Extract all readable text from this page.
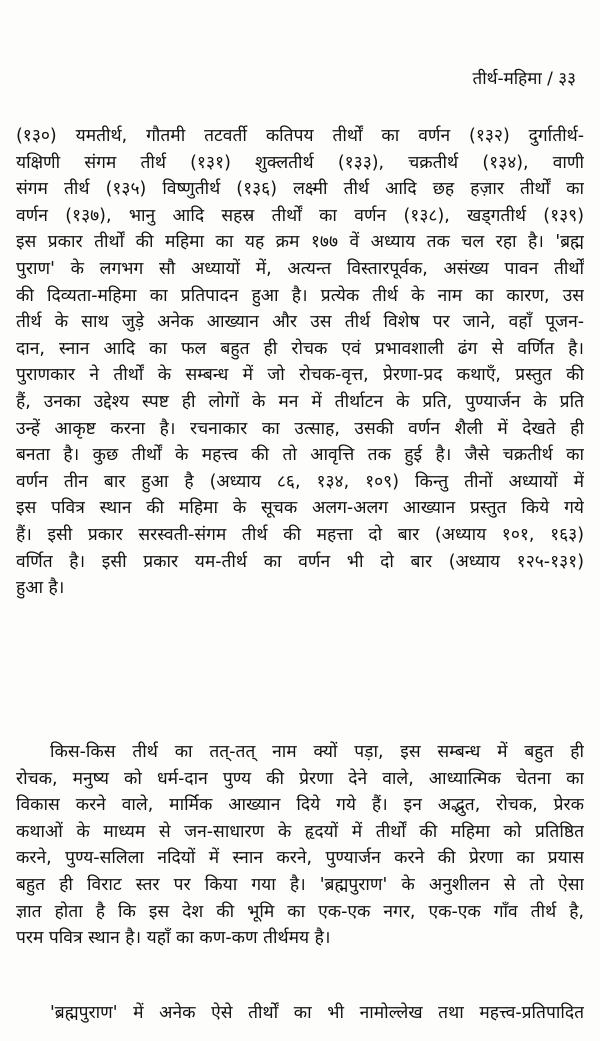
तीर्थ-महिमा / ३३
(१३०) यमतीर्थ, गौतमी तटवर्ती कतिपय तीर्थों का वर्णन (१३२) दुर्गातीर्थ-
यक्षिणी संगम तीर्थ (१३१) शुक्लतीर्थ (१३३), चक्रतीर्थ (१३४), वाणी
संगम तीर्थ (१३५) विष्णुतीर्थ (१३६) लक्ष्मी तीर्थ आदि छह हज़ार तीर्थों का
वर्णन (१३७), भानु आदि सहस्र तीर्थों का वर्णन (१३८), खड्गतीर्थ (१३९)
इस प्रकार तीर्थों की महिमा का यह क्रम १७७ वें अध्याय तक चल रहा है। 'ब्रह्म
पुराण' के लगभग सौ अध्यायों में, अत्यन्त विस्तारपूर्वक, असंख्य पावन तीर्थों
की दिव्यता-महिमा का प्रतिपादन हुआ है। प्रत्येक तीर्थ के नाम का कारण, उस
तीर्थ के साथ जुड़े अनेक आख्यान और उस तीर्थ विशेष पर जाने, वहाँ पूजन-
दान, स्नान आदि का फल बहुत ही रोचक एवं प्रभावशाली ढंग से वर्णित है।
पुराणकार ने तीर्थों के सम्बन्ध में जो रोचक-वृत्त, प्रेरणा-प्रद कथाएँ, प्रस्तुत की
हैं, उनका उद्देश्य स्पष्ट ही लोगों के मन में तीर्थाटन के प्रति, पुण्यार्जन के प्रति
उन्हें आकृष्ट करना है। रचनाकार का उत्साह, उसकी वर्णन शैली में देखते ही
बनता है। कुछ तीर्थों के महत्त्व की तो आवृत्ति तक हुई है। जैसे चक्रतीर्थ का
वर्णन तीन बार हुआ है (अध्याय ८६, १३४, १०९) किन्तु तीनों अध्यायों में
इस पवित्र स्थान की महिमा के सूचक अलग-अलग आख्यान प्रस्तुत किये गये
हैं। इसी प्रकार सरस्वती-संगम तीर्थ की महत्ता दो बार (अध्याय १०१, १६३)
वर्णित है। इसी प्रकार यम-तीर्थ का वर्णन भी दो बार (अध्याय १२५-१३१)
हुआ है।
किस-किस तीर्थ का तत्-तत् नाम क्यों पड़ा, इस सम्बन्ध में बहुत ही
रोचक, मनुष्य को धर्म-दान पुण्य की प्रेरणा देने वाले, आध्यात्मिक चेतना का
विकास करने वाले, मार्मिक आख्यान दिये गये हैं। इन अद्भुत, रोचक, प्रेरक
कथाओं के माध्यम से जन-साधारण के हृदयों में तीर्थों की महिमा को प्रतिष्ठित
करने, पुण्य-सलिला नदियों में स्नान करने, पुण्यार्जन करने की प्रेरणा का प्रयास
बहुत ही विराट स्तर पर किया गया है। 'ब्रह्मपुराण' के अनुशीलन से तो ऐसा
ज्ञात होता है कि इस देश की भूमि का एक-एक नगर, एक-एक गाँव तीर्थ है,
परम पवित्र स्थान है। यहाँ का कण-कण तीर्थमय है।
'ब्रह्मपुराण' में अनेक ऐसे तीर्थों का भी नामोल्लेख तथा महत्त्व-प्रतिपादित
